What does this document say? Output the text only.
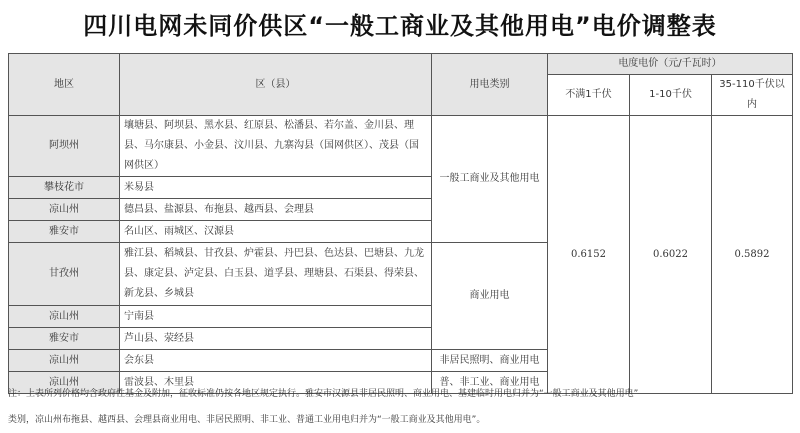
四川电网未同价供区“一般工商业及其他用电”电价调整表
地区	区（县）	用电类别	电度电价（元/千瓦时）		
			不满1千伏	1-10千伏	35-110千伏以内
阿坝州	壤塘县、阿坝县、黑水县、红原县、松潘县、若尔盖、金川县、理县、马尔康县、小金县、汶川县、九寨沟县（国网供区）、茂县（国网供区）	一般工商业及其他用电	0.6152	0.6022	0.5892
攀枝花市	米易县				
凉山州	德昌县、盐源县、布拖县、越西县、会理县				
雅安市	名山区、雨城区、汉源县				
甘孜州	雅江县、稻城县、甘孜县、炉霍县、丹巴县、色达县、巴塘县、九龙县、康定县、泸定县、白玉县、道孚县、理塘县、石渠县、得荣县、新龙县、乡城县	商业用电			
凉山州	宁南县				
雅安市	芦山县、荥经县				
凉山州	会东县	非居民照明、商业用电			
凉山州	雷波县、木里县	普、非工业、商业用电			
注：上表所列价格均含政府性基金及附加，征收标准仍按各地区规定执行。雅安市汉源县非居民照明、商业用电、基建临时用电归并为“一般工商业及其他用电”
类别，凉山州布拖县、越西县、会理县商业用电、非居民照明、非工业、普通工业用电归并为“一般工商业及其他用电”。
